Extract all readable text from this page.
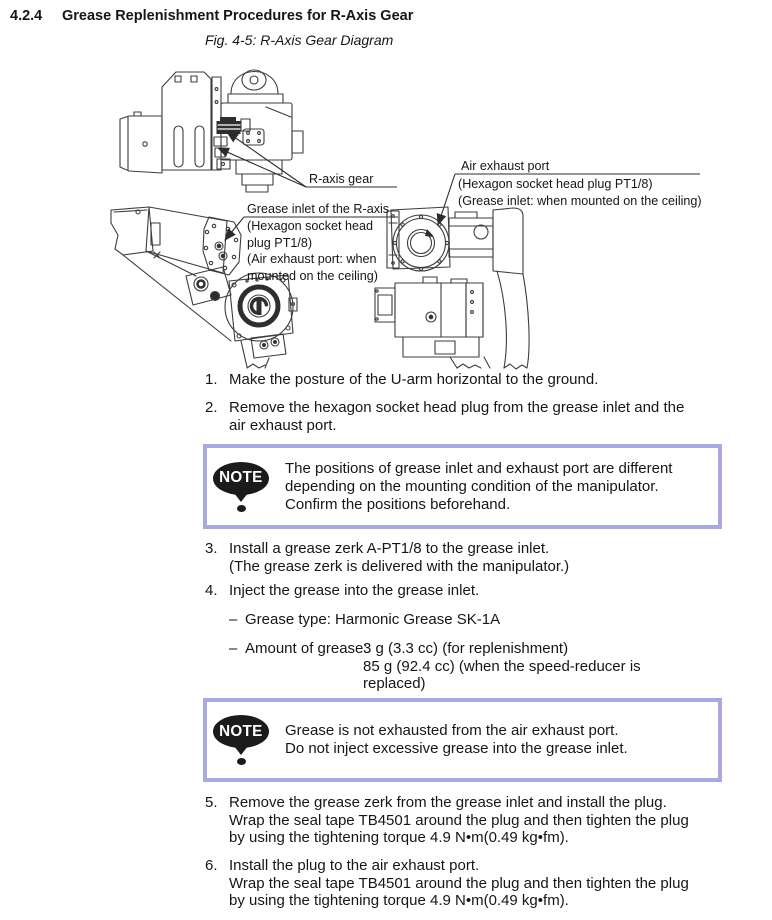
4.2.4 Grease Replenishment Procedures for R-Axis Gear
Fig. 4-5: R-Axis Gear Diagram
R-axis gear
Grease inlet of the R-axis
(Hexagon socket head
plug PT1/8)
(Air exhaust port: when
mounted on the ceiling)
Air exhaust port
(Hexagon socket head plug PT1/8)
(Grease inlet: when mounted on the ceiling)
1. Make the posture of the U-arm horizontal to the ground.
2. Remove the hexagon socket head plug from the grease inlet and the
air exhaust port.
NOTE
The positions of grease inlet and exhaust port are different
depending on the mounting condition of the manipulator.
Confirm the positions beforehand.
3. Install a grease zerk A-PT1/8 to the grease inlet.
(The grease zerk is delivered with the manipulator.)
4. Inject the grease into the grease inlet.
– Grease type: Harmonic Grease SK-1A
– Amount of grease:
3 g (3.3 cc) (for replenishment)
85 g (92.4 cc) (when the speed-reducer is
replaced)
NOTE Grease is not exhausted from the air exhaust port.
Do not inject excessive grease into the grease inlet.
5. Remove the grease zerk from the grease inlet and install the plug.
Wrap the seal tape TB4501 around the plug and then tighten the plug
by using the tightening torque 4.9 N•m(0.49 kg•fm).
6. Install the plug to the air exhaust port.
Wrap the seal tape TB4501 around the plug and then tighten the plug
by using the tightening torque 4.9 N•m(0.49 kg•fm).
